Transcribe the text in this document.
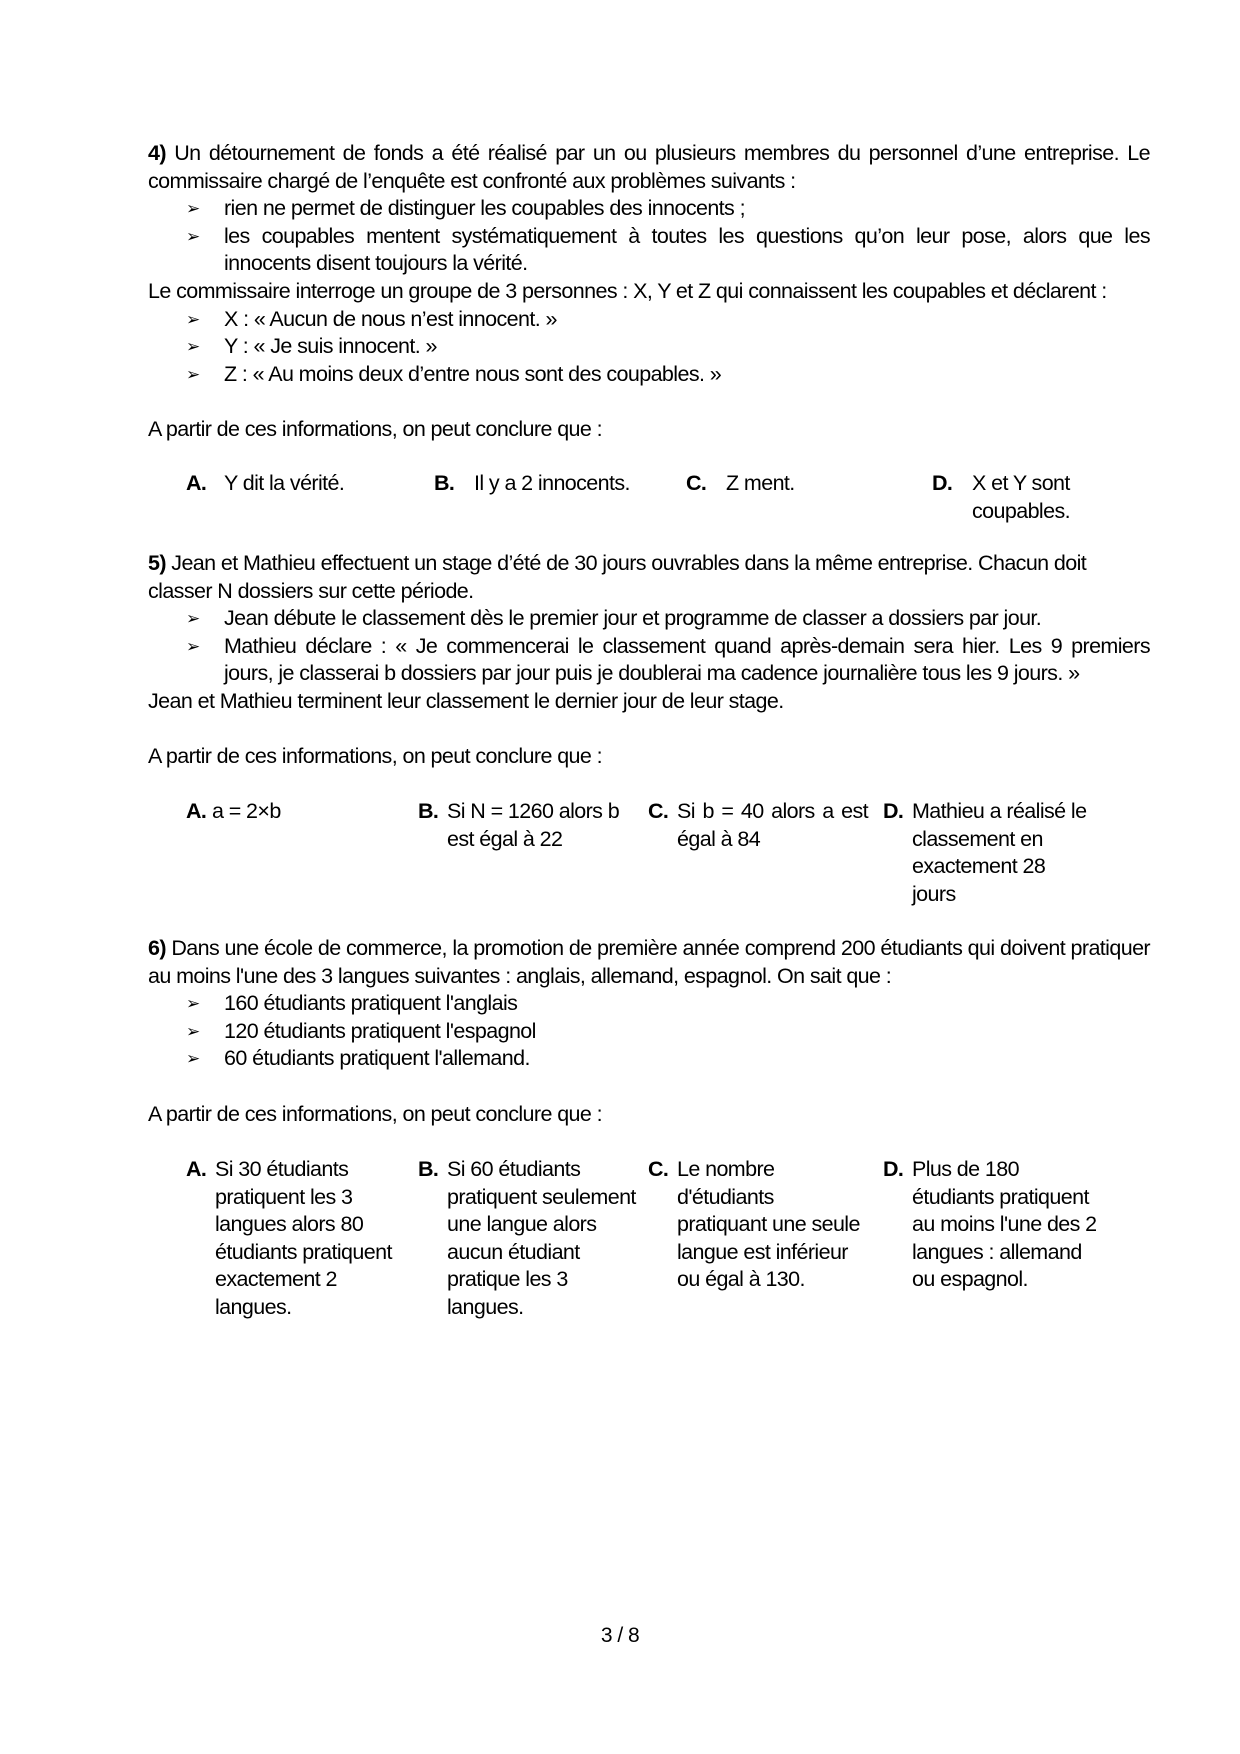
4) Un détournement de fonds a été réalisé par un ou plusieurs membres du personnel d’une entreprise. Le commissaire chargé de l’enquête est confronté aux problèmes suivants :
➢ rien ne permet de distinguer les coupables des innocents ;
➢ les coupables mentent systématiquement à toutes les questions qu’on leur pose, alors que les innocents disent toujours la vérité.
Le commissaire interroge un groupe de 3 personnes : X, Y et Z qui connaissent les coupables et déclarent :
➢ X : « Aucun de nous n’est innocent. »
➢ Y : « Je suis innocent. »
➢ Z : « Au moins deux d’entre nous sont des coupables. »
A partir de ces informations, on peut conclure que :
A. Y dit la vérité.	B. Il y a 2 innocents.	C. Z ment.	D. X et Y sont coupables.
5) Jean et Mathieu effectuent un stage d’été de 30 jours ouvrables dans la même entreprise. Chacun doit classer N dossiers sur cette période.
➢ Jean débute le classement dès le premier jour et programme de classer a dossiers par jour.
➢ Mathieu déclare : « Je commencerai le classement quand après-demain sera hier. Les 9 premiers jours, je classerai b dossiers par jour puis je doublerai ma cadence journalière tous les 9 jours. »
Jean et Mathieu terminent leur classement le dernier jour de leur stage.
A partir de ces informations, on peut conclure que :
A. a = 2×b	B. Si N = 1260 alors b est égal à 22
C. Si b = 40 alors a est égal à 84
D. Mathieu a réalisé le classement en exactement 28 jours
6) Dans une école de commerce, la promotion de première année comprend 200 étudiants qui doivent pratiquer au moins l'une des 3 langues suivantes : anglais, allemand, espagnol. On sait que :
➢ 160 étudiants pratiquent l'anglais
➢ 120 étudiants pratiquent l'espagnol
➢ 60 étudiants pratiquent l'allemand.
A partir de ces informations, on peut conclure que :
A. Si 30 étudiants pratiquent les 3 langues alors 80 étudiants pratiquent exactement 2 langues.
B. Si 60 étudiants pratiquent seulement une langue alors aucun étudiant pratique les 3 langues.
C. Le nombre d'étudiants pratiquant une seule langue est inférieur ou égal à 130.
D. Plus de 180 étudiants pratiquent au moins l'une des 2 langues : allemand ou espagnol.
3 / 8
